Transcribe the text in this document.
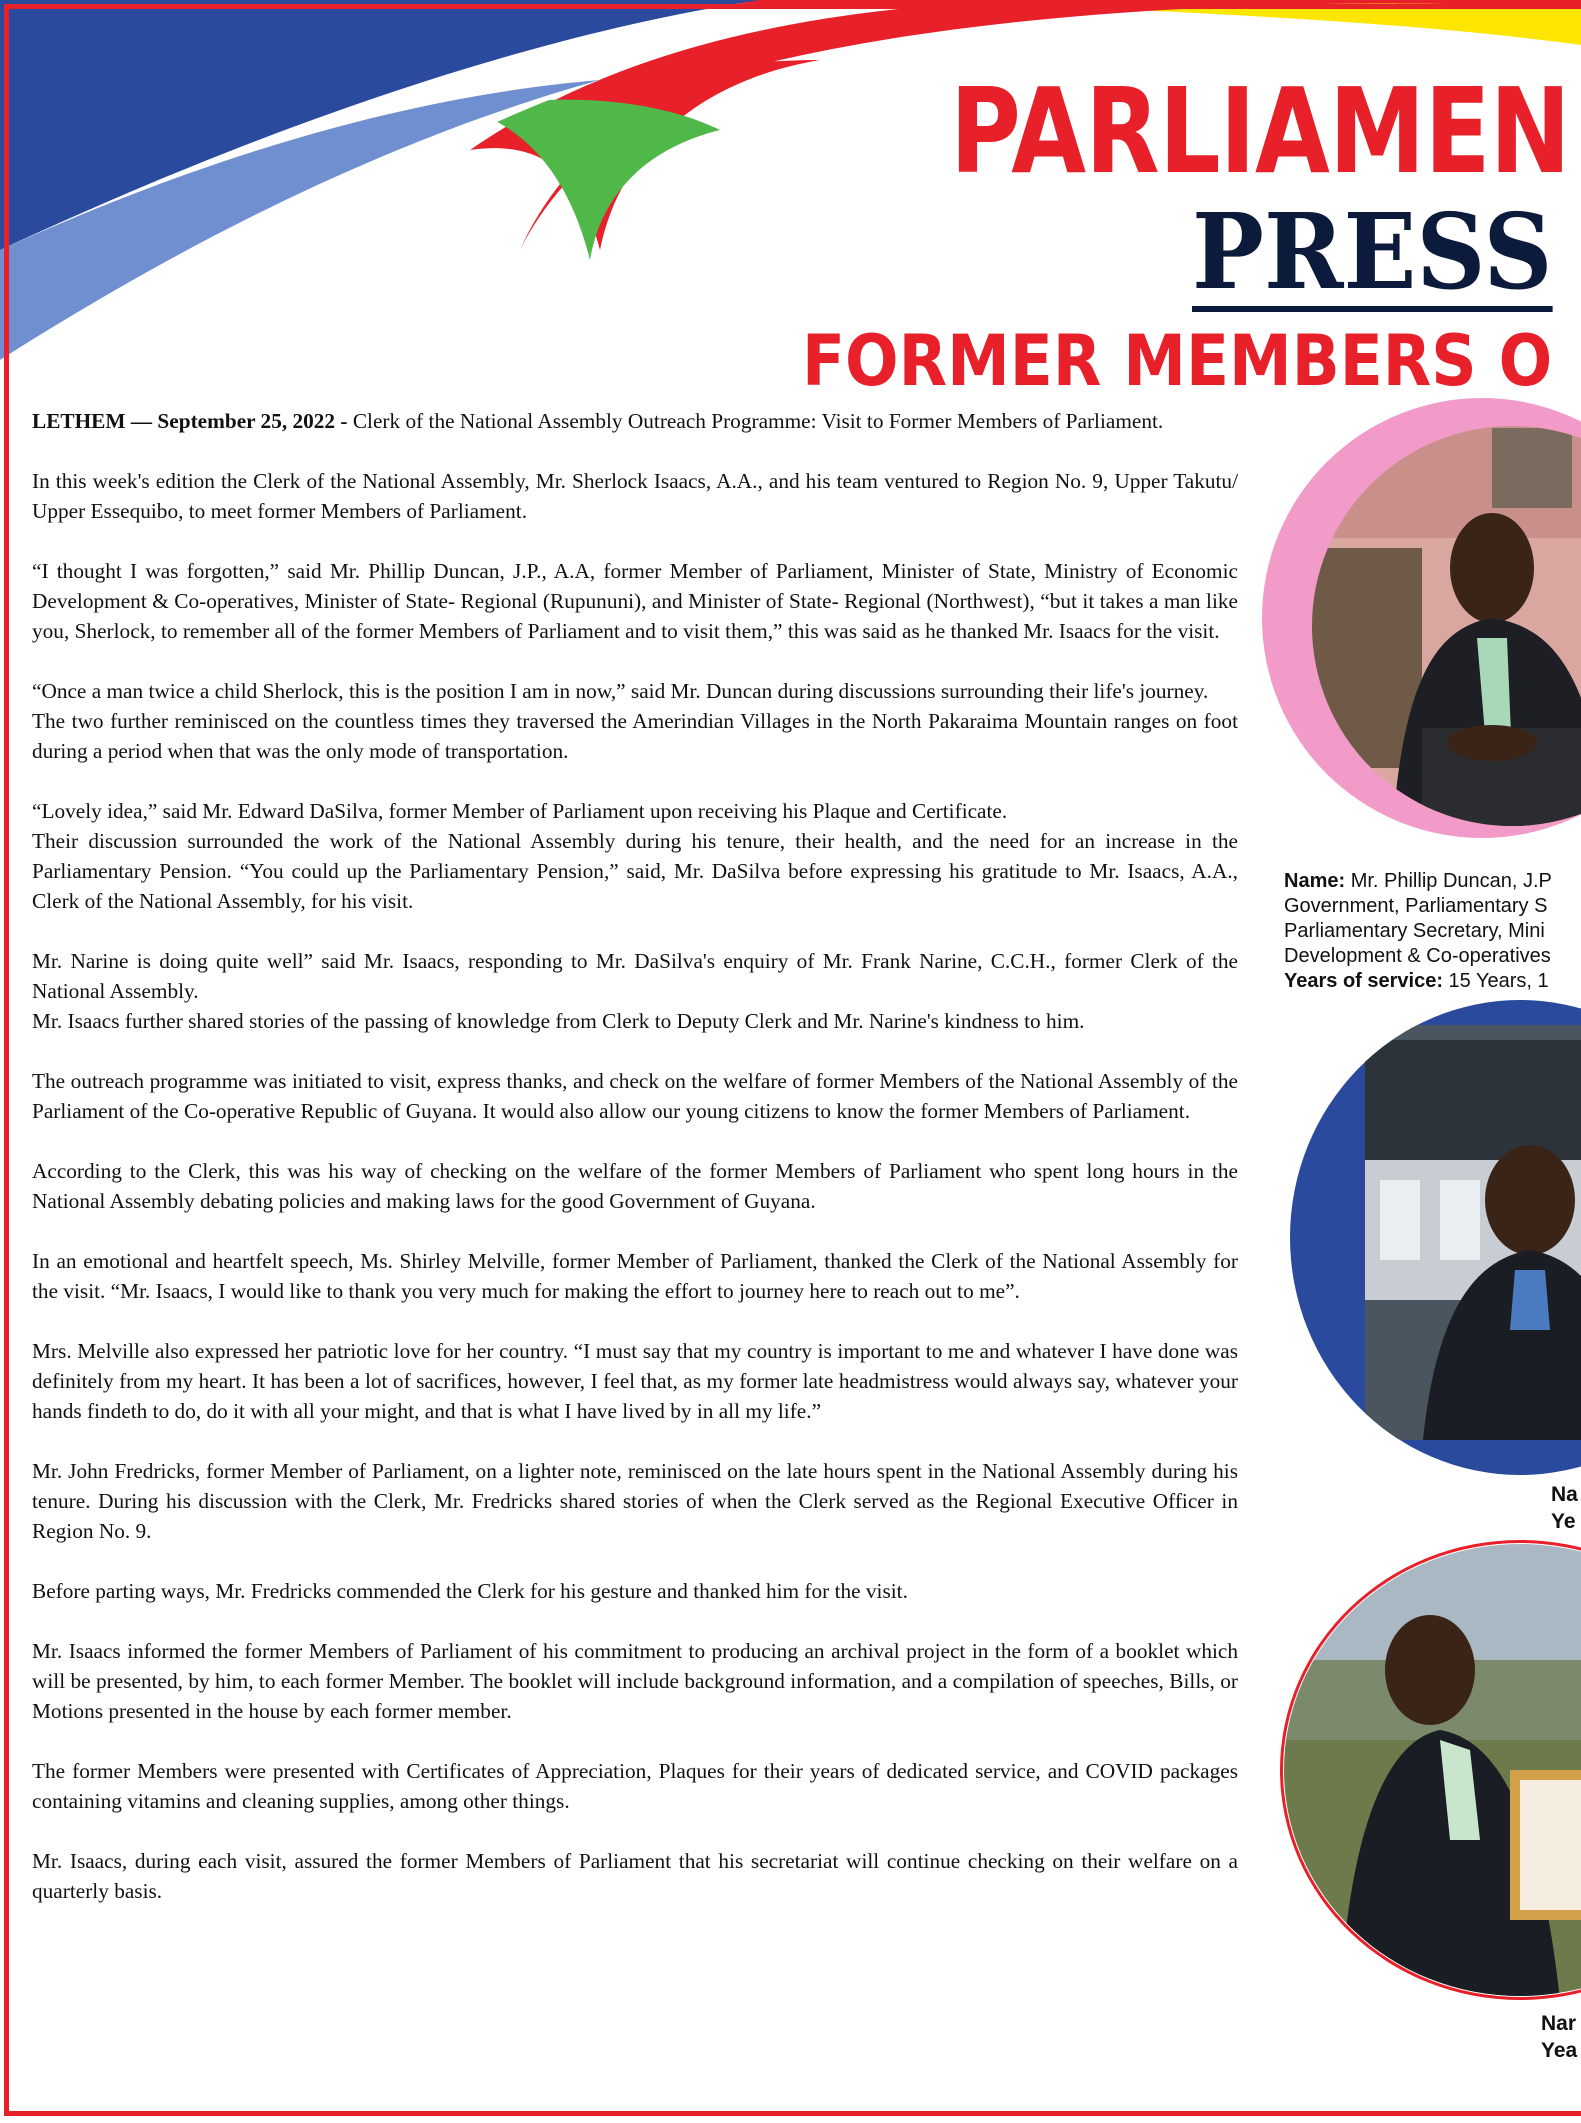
PARLIAMEN
PRESS
FORMER MEMBERS O

LETHEM — September 25, 2022 - Clerk of the National Assembly Outreach Programme: Visit to Former Members of Parliament.

In this week's edition the Clerk of the National Assembly, Mr. Sherlock Isaacs, A.A., and his team ventured to Region No. 9, Upper Takutu/ Upper Essequibo, to meet former Members of Parliament.

“I thought I was forgotten,” said Mr. Phillip Duncan, J.P., A.A, former Member of Parliament, Minister of State, Ministry of Economic Development & Co-operatives, Minister of State- Regional (Rupununi), and Minister of State- Regional (Northwest), “but it takes a man like you, Sherlock, to remember all of the former Members of Parliament and to visit them,” this was said as he thanked Mr. Isaacs for the visit.

“Once a man twice a child Sherlock, this is the position I am in now,” said Mr. Duncan during discussions surrounding their life's journey.

The two further reminisced on the countless times they traversed the Amerindian Villages in the North Pakaraima Mountain ranges on foot during a period when that was the only mode of transportation.

“Lovely idea,” said Mr. Edward DaSilva, former Member of Parliament upon receiving his Plaque and Certificate.

Their discussion surrounded the work of the National Assembly during his tenure, their health, and the need for an increase in the Parliamentary Pension. “You could up the Parliamentary Pension,” said, Mr. DaSilva before expressing his gratitude to Mr. Isaacs, A.A., Clerk of the National Assembly, for his visit.

Mr. Narine is doing quite well” said Mr. Isaacs, responding to Mr. DaSilva's enquiry of Mr. Frank Narine, C.C.H., former Clerk of the National Assembly.

Mr. Isaacs further shared stories of the passing of knowledge from Clerk to Deputy Clerk and Mr. Narine's kindness to him.

The outreach programme was initiated to visit, express thanks, and check on the welfare of former Members of the National Assembly of the Parliament of the Co-operative Republic of Guyana. It would also allow our young citizens to know the former Members of Parliament.

According to the Clerk, this was his way of checking on the welfare of the former Members of Parliament who spent long hours in the National Assembly debating policies and making laws for the good Government of Guyana.

In an emotional and heartfelt speech, Ms. Shirley Melville, former Member of Parliament, thanked the Clerk of the National Assembly for the visit. “Mr. Isaacs, I would like to thank you very much for making the effort to journey here to reach out to me”.

Mrs. Melville also expressed her patriotic love for her country. “I must say that my country is important to me and whatever I have done was definitely from my heart. It has been a lot of sacrifices, however, I feel that, as my former late headmistress would always say, whatever your hands findeth to do, do it with all your might, and that is what I have lived by in all my life.”

Mr. John Fredricks, former Member of Parliament, on a lighter note, reminisced on the late hours spent in the National Assembly during his tenure. During his discussion with the Clerk, Mr. Fredricks shared stories of when the Clerk served as the Regional Executive Officer in Region No. 9.

Before parting ways, Mr. Fredricks commended the Clerk for his gesture and thanked him for the visit.

Mr. Isaacs informed the former Members of Parliament of his commitment to producing an archival project in the form of a booklet which will be presented, by him, to each former Member. The booklet will include background information, and a compilation of speeches, Bills, or Motions presented in the house by each former member.

The former Members were presented with Certificates of Appreciation, Plaques for their years of dedicated service, and COVID packages containing vitamins and cleaning supplies, among other things.

Mr. Isaacs, during each visit, assured the former Members of Parliament that his secretariat will continue checking on their welfare on a quarterly basis.

Name: Mr. Phillip Duncan, J.P
Government, Parliamentary S
Parliamentary Secretary, Mini
Development & Co-operatives
Years of service: 15 Years, 1
Na
Ye
Nar
Yea
